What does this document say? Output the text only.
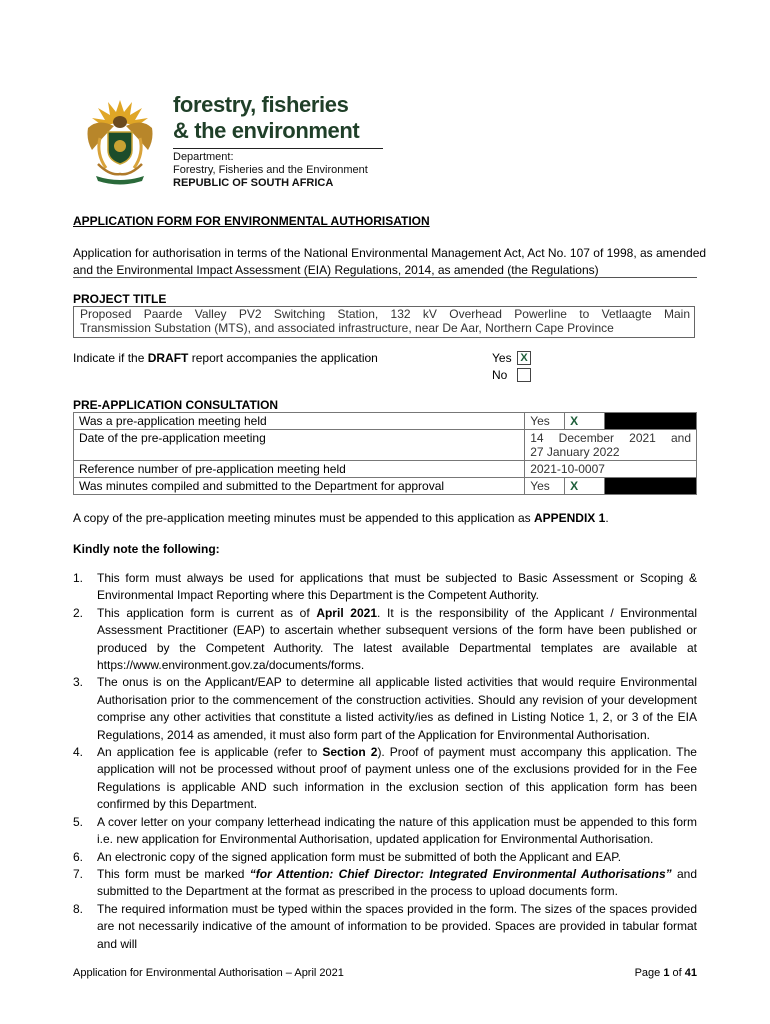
forestry, fisheries
& the environment
Department:
Forestry, Fisheries and the Environment
REPUBLIC OF SOUTH AFRICA
APPLICATION FORM FOR ENVIRONMENTAL AUTHORISATION
Application for authorisation in terms of the National Environmental Management Act, Act No. 107 of 1998, as amended
and the Environmental Impact Assessment (EIA) Regulations, 2014, as amended (the Regulations)
PROJECT TITLE
Proposed Paarde Valley PV2 Switching Station, 132 kV Overhead Powerline to Vetlaagte Main
Transmission Substation (MTS), and associated infrastructure, near De Aar, Northern Cape Province
Indicate if the DRAFT report accompanies the application	Yes X
No
PRE-APPLICATION CONSULTATION
Was a pre-application meeting held	Yes	X	
Date of the pre-application meeting	14 December 2021 and
27 January 2022		

Reference number of pre-application meeting held	2021-10-0007		
Was minutes compiled and submitted to the Department for approval	Yes	X	
A copy of the pre-application meeting minutes must be appended to this application as APPENDIX 1.
Kindly note the following:
1. This form must always be used for applications that must be subjected to Basic Assessment or Scoping & Environmental Impact Reporting where this Department is the Competent Authority.
2. This application form is current as of April 2021. It is the responsibility of the Applicant / Environmental Assessment Practitioner (EAP) to ascertain whether subsequent versions of the form have been published or produced by the Competent Authority. The latest available Departmental templates are available at https://www.environment.gov.za/documents/forms.
3. The onus is on the Applicant/EAP to determine all applicable listed activities that would require Environmental Authorisation prior to the commencement of the construction activities. Should any revision of your development comprise any other activities that constitute a listed activity/ies as defined in Listing Notice 1, 2, or 3 of the EIA Regulations, 2014 as amended, it must also form part of the Application for Environmental Authorisation.
4. An application fee is applicable (refer to Section 2). Proof of payment must accompany this application. The application will not be processed without proof of payment unless one of the exclusions provided for in the Fee Regulations is applicable AND such information in the exclusion section of this application form has been confirmed by this Department.
5. A cover letter on your company letterhead indicating the nature of this application must be appended to this form i.e. new application for Environmental Authorisation, updated application for Environmental Authorisation.
6. An electronic copy of the signed application form must be submitted of both the Applicant and EAP.
7. This form must be marked “for Attention: Chief Director: Integrated Environmental Authorisations” and submitted to the Department at the format as prescribed in the process to upload documents form.
8. The required information must be typed within the spaces provided in the form. The sizes of the spaces provided are not necessarily indicative of the amount of information to be provided. Spaces are provided in tabular format and will
Application for Environmental Authorisation – April 2021	Page 1 of 41
